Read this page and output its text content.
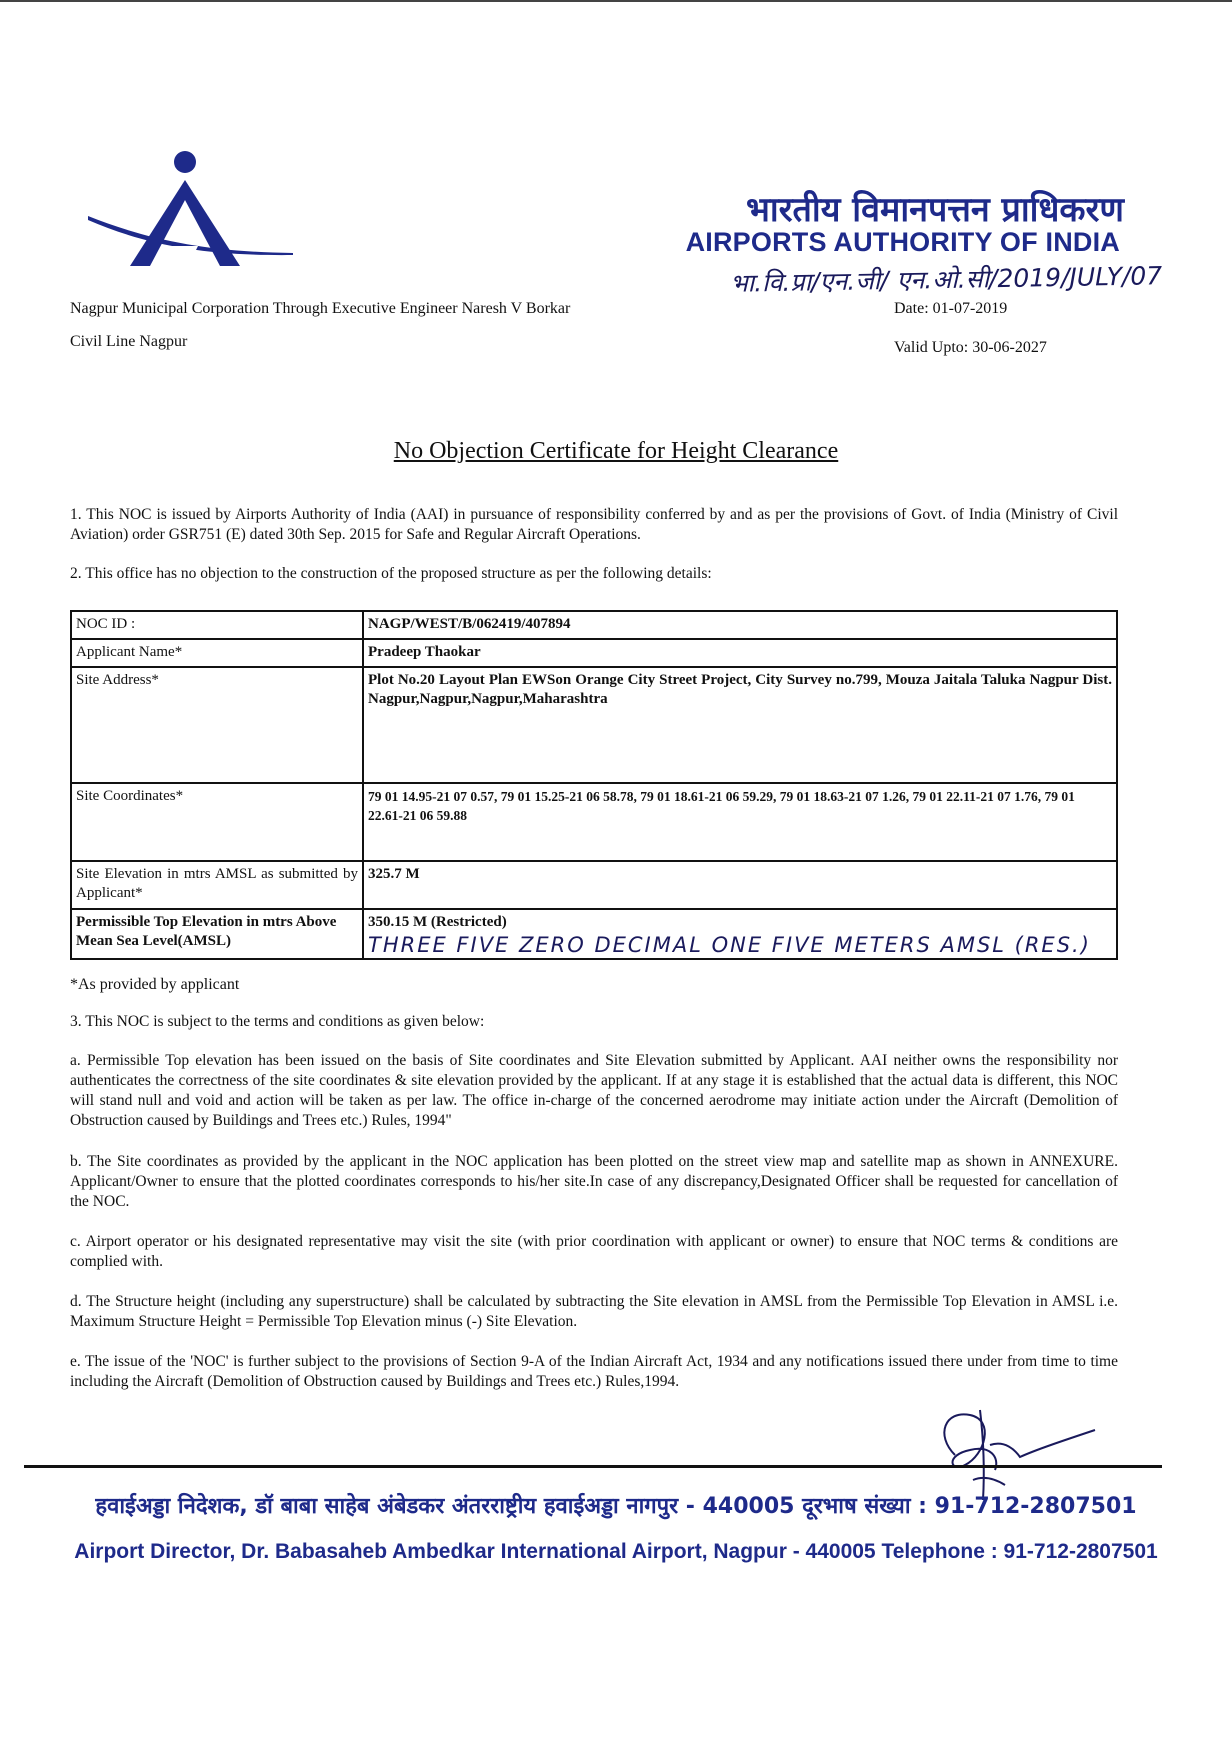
भारतीय विमानपत्तन प्राधिकरण
AIRPORTS AUTHORITY OF INDIA
भा.वि.प्रा/एन.जी/ एन.ओ.सी/2019/JULY/07
Nagpur Municipal Corporation Through Executive Engineer Naresh V Borkar
Civil Line Nagpur
Date: 01-07-2019
Valid Upto: 30-06-2027
No Objection Certificate for Height Clearance
1. This NOC is issued by Airports Authority of India (AAI) in pursuance of responsibility conferred by and as per the provisions of Govt. of India (Ministry of Civil Aviation) order GSR751 (E) dated 30th Sep. 2015 for Safe and Regular Aircraft Operations.
2. This office has no objection to the construction of the proposed structure as per the following details:
NOC ID :	NAGP/WEST/B/062419/407894
Applicant Name*	Pradeep Thaokar
Site Address*	Plot No.20 Layout Plan EWSon Orange City Street Project, City Survey no.799, Mouza Jaitala Taluka Nagpur Dist. Nagpur,Nagpur,Nagpur,Maharashtra
Site Coordinates*	79 01 14.95-21 07 0.57, 79 01 15.25-21 06 58.78, 79 01 18.61-21 06 59.29, 79 01 18.63-21 07 1.26, 79 01 22.11-21 07 1.76, 79 01 22.61-21 06 59.88
Site Elevation in mtrs AMSL as submitted by Applicant*	325.7 M
Permissible Top Elevation in mtrs Above Mean Sea Level(AMSL)	350.15 M (Restricted)
THREE FIVE ZERO DECIMAL ONE FIVE METERS AMSL (RES.)
*As provided by applicant
3. This NOC is subject to the terms and conditions as given below:
a. Permissible Top elevation has been issued on the basis of Site coordinates and Site Elevation submitted by Applicant. AAI neither owns the responsibility nor authenticates the correctness of the site coordinates & site elevation provided by the applicant. If at any stage it is established that the actual data is different, this NOC will stand null and void and action will be taken as per law. The office in-charge of the concerned aerodrome may initiate action under the Aircraft (Demolition of Obstruction caused by Buildings and Trees etc.) Rules, 1994"
b. The Site coordinates as provided by the applicant in the NOC application has been plotted on the street view map and satellite map as shown in ANNEXURE. Applicant/Owner to ensure that the plotted coordinates corresponds to his/her site.In case of any discrepancy,Designated Officer shall be requested for cancellation of the NOC.
c. Airport operator or his designated representative may visit the site (with prior coordination with applicant or owner) to ensure that NOC terms & conditions are complied with.
d. The Structure height (including any superstructure) shall be calculated by subtracting the Site elevation in AMSL from the Permissible Top Elevation in AMSL i.e. Maximum Structure Height = Permissible Top Elevation minus (-) Site Elevation.
e. The issue of the 'NOC' is further subject to the provisions of Section 9-A of the Indian Aircraft Act, 1934 and any notifications issued there under from time to time including the Aircraft (Demolition of Obstruction caused by Buildings and Trees etc.) Rules,1994.
हवाईअड्डा निदेशक, डॉ बाबा साहेब अंबेडकर अंतरराष्ट्रीय हवाईअड्डा नागपुर - 440005 दूरभाष संख्या : 91-712-2807501
Airport Director, Dr. Babasaheb Ambedkar International Airport, Nagpur - 440005 Telephone : 91-712-2807501
